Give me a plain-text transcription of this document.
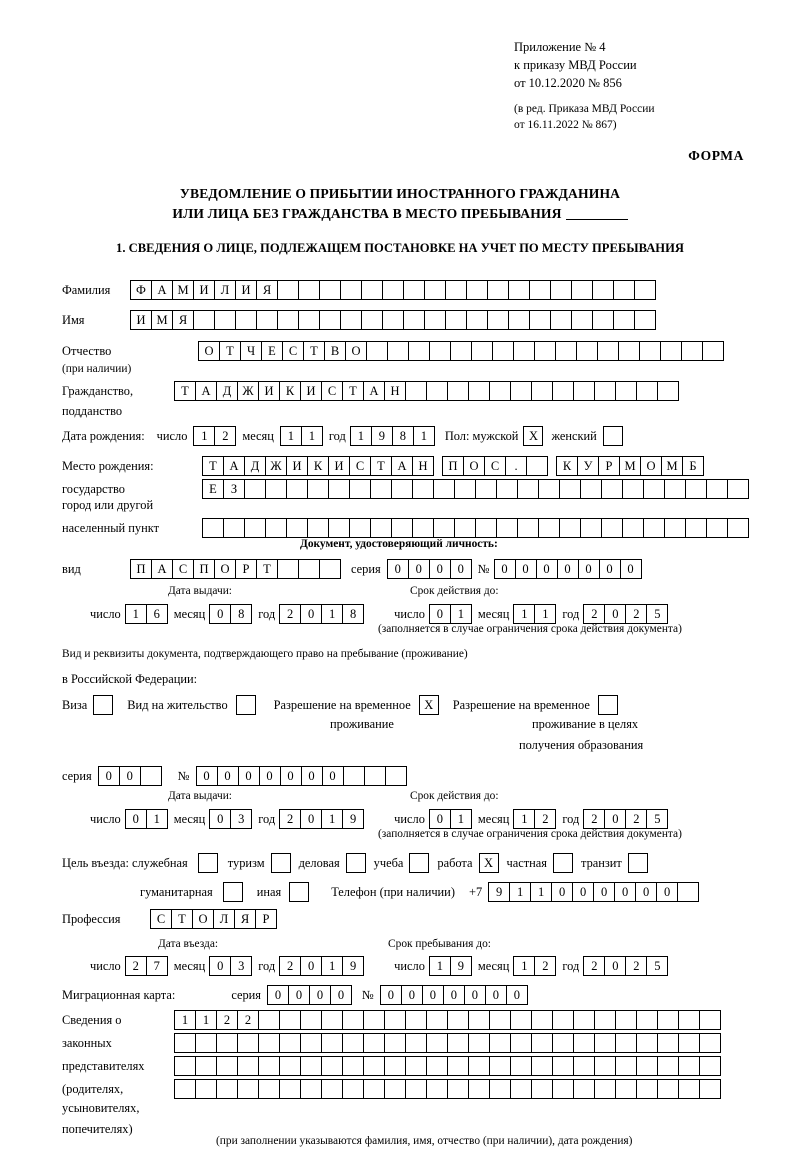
Приложение № 4
к приказу МВД России
от 10.12.2020 № 856
(в ред. Приказа МВД России
от 16.11.2022 № 867)
ФОРМА
УВЕДОМЛЕНИЕ О ПРИБЫТИИ ИНОСТРАННОГО ГРАЖДАНИНА
ИЛИ ЛИЦА БЕЗ ГРАЖДАНСТВА В МЕСТО ПРЕБЫВАНИЯ
1. СВЕДЕНИЯ О ЛИЦЕ, ПОДЛЕЖАЩЕМ ПОСТАНОВКЕ НА УЧЕТ ПО МЕСТУ ПРЕБЫВАНИЯ
Фамилия	Ф А М И Л И Я
Имя	И М Я
Отчество	О	Т	Ч	Е	С	Т	В О
(при наличии)
Гражданство,	Т	А Д Ж И К И С	Т	А Н
подданство
Дата рождения: число	1	2	месяц	1	1	год 1	9	8	1	Пол: мужской X	женский
Место рождения:	Т	А Д Ж И К И С	Т	А Н	П О С	.	К У	Р М О М Б
государство	Е	З
город или другой
населенный пункт
Документ, удостоверяющий личность:
вид	П А С П О	Р	Т	серия	0	0	0	0	№ 0	0	0	0	0	0	0
Дата выдачи:	Срок действия до:
число 1	6	месяц 0	8	год 2	0	1	8	число 0	1	месяц 1	1	год 2	0	2	5
(заполняется в случае ограничения срока действия документа)
Вид и реквизиты документа, подтверждающего право на пребывание (проживание)
в Российской Федерации:
Виза	Вид на жительство	Разрешение на временное	X	Разрешение на временное
проживание	проживание в целях
получения образования
серия	0	0	№	0	0	0	0	0	0	0
Дата выдачи:	Срок действия до:
число 0	1	месяц 0	3	год 2	0	1	9	число 0	1	месяц 1	2	год 2	0	2	5
(заполняется в случае ограничения срока действия документа)
Цель въезда: служебная	туризм	деловая	учеба	работа X	частная	транзит
гуманитарная	иная	Телефон (при наличии) +7	9	1	1	0	0	0	0	0	0
Профессия	С	Т	О Л	Я	Р
Дата въезда:	Срок пребывания до:
число 2	7	месяц 0	3	год 2	0	1	9	число 1	9	месяц 1	2	год 2	0	2	5
Миграционная карта:	серия	0	0	0	0	№	0	0	0	0	0	0	0
Сведения о	1	1	2	2
законных
представителях
(родителях,
усыновителях,
попечителях)
(при заполнении указываются фамилия, имя, отчество (при наличии), дата рождения)
